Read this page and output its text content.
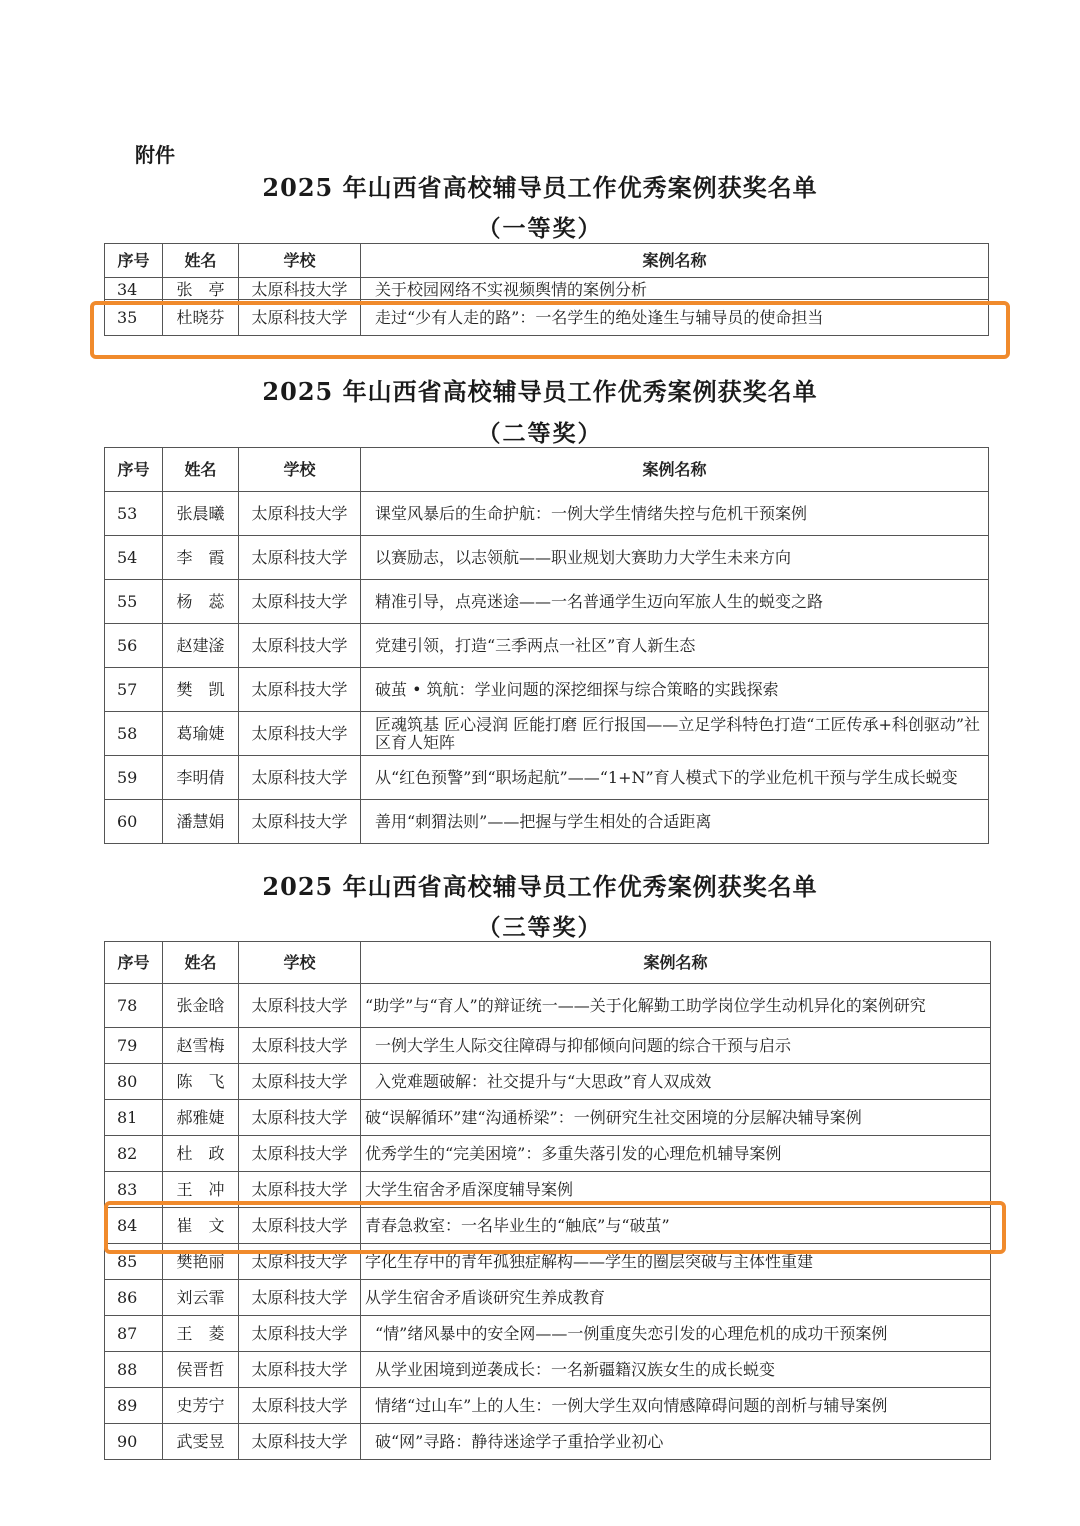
附件
2025 年山西省高校辅导员工作优秀案例获奖名单
（一等奖）
序号	姓名	学校	案例名称
34	张　亭	太原科技大学	关于校园网络不实视频舆情的案例分析
35	杜晓芬	太原科技大学	走过“少有人走的路”：一名学生的绝处逢生与辅导员的使命担当
2025 年山西省高校辅导员工作优秀案例获奖名单
（二等奖）
序号	姓名	学校	案例名称
53	张晨曦	太原科技大学	课堂风暴后的生命护航：一例大学生情绪失控与危机干预案例
54	李　霞	太原科技大学	以赛励志，以志领航——职业规划大赛助力大学生未来方向
55	杨　蕊	太原科技大学	精准引导，点亮迷途——一名普通学生迈向军旅人生的蜕变之路
56	赵建滏	太原科技大学	党建引领，打造“三季两点一社区”育人新生态
57	樊　凯	太原科技大学	破茧 • 筑航：学业问题的深挖细探与综合策略的实践探索
58	葛瑜婕	太原科技大学	匠魂筑基 匠心浸润 匠能打磨 匠行报国——立足学科特色打造“工匠传承+科创驱动”社区育人矩阵
59	李明倩	太原科技大学	从“红色预警”到“职场起航”——“1+N”育人模式下的学业危机干预与学生成长蜕变
60	潘慧娟	太原科技大学	善用“刺猬法则”——把握与学生相处的合适距离
2025 年山西省高校辅导员工作优秀案例获奖名单
（三等奖）
序号	姓名	学校	案例名称
78	张金晗	太原科技大学	“助学”与“育人”的辩证统一——关于化解勤工助学岗位学生动机异化的案例研究
79	赵雪梅	太原科技大学	一例大学生人际交往障碍与抑郁倾向问题的综合干预与启示
80	陈　飞	太原科技大学	入党难题破解：社交提升与“大思政”育人双成效
81	郝雅婕	太原科技大学	破“误解循环”建“沟通桥梁”：一例研究生社交困境的分层解决辅导案例
82	杜　政	太原科技大学	优秀学生的“完美困境”：多重失落引发的心理危机辅导案例
83	王　冲	太原科技大学	大学生宿舍矛盾深度辅导案例
84	崔　文	太原科技大学	青春急救室：一名毕业生的“触底”与“破茧”
85	樊艳丽	太原科技大学	字化生存中的青年孤独症解构——学生的圈层突破与主体性重建
86	刘云霏	太原科技大学	从学生宿舍矛盾谈研究生养成教育
87	王　菱	太原科技大学	“情”绪风暴中的安全网——一例重度失恋引发的心理危机的成功干预案例
88	侯晋哲	太原科技大学	从学业困境到逆袭成长：一名新疆籍汉族女生的成长蜕变
89	史芳宁	太原科技大学	情绪“过山车”上的人生：一例大学生双向情感障碍问题的剖析与辅导案例
90	武雯昱	太原科技大学	破“网”寻路：静待迷途学子重拾学业初心
